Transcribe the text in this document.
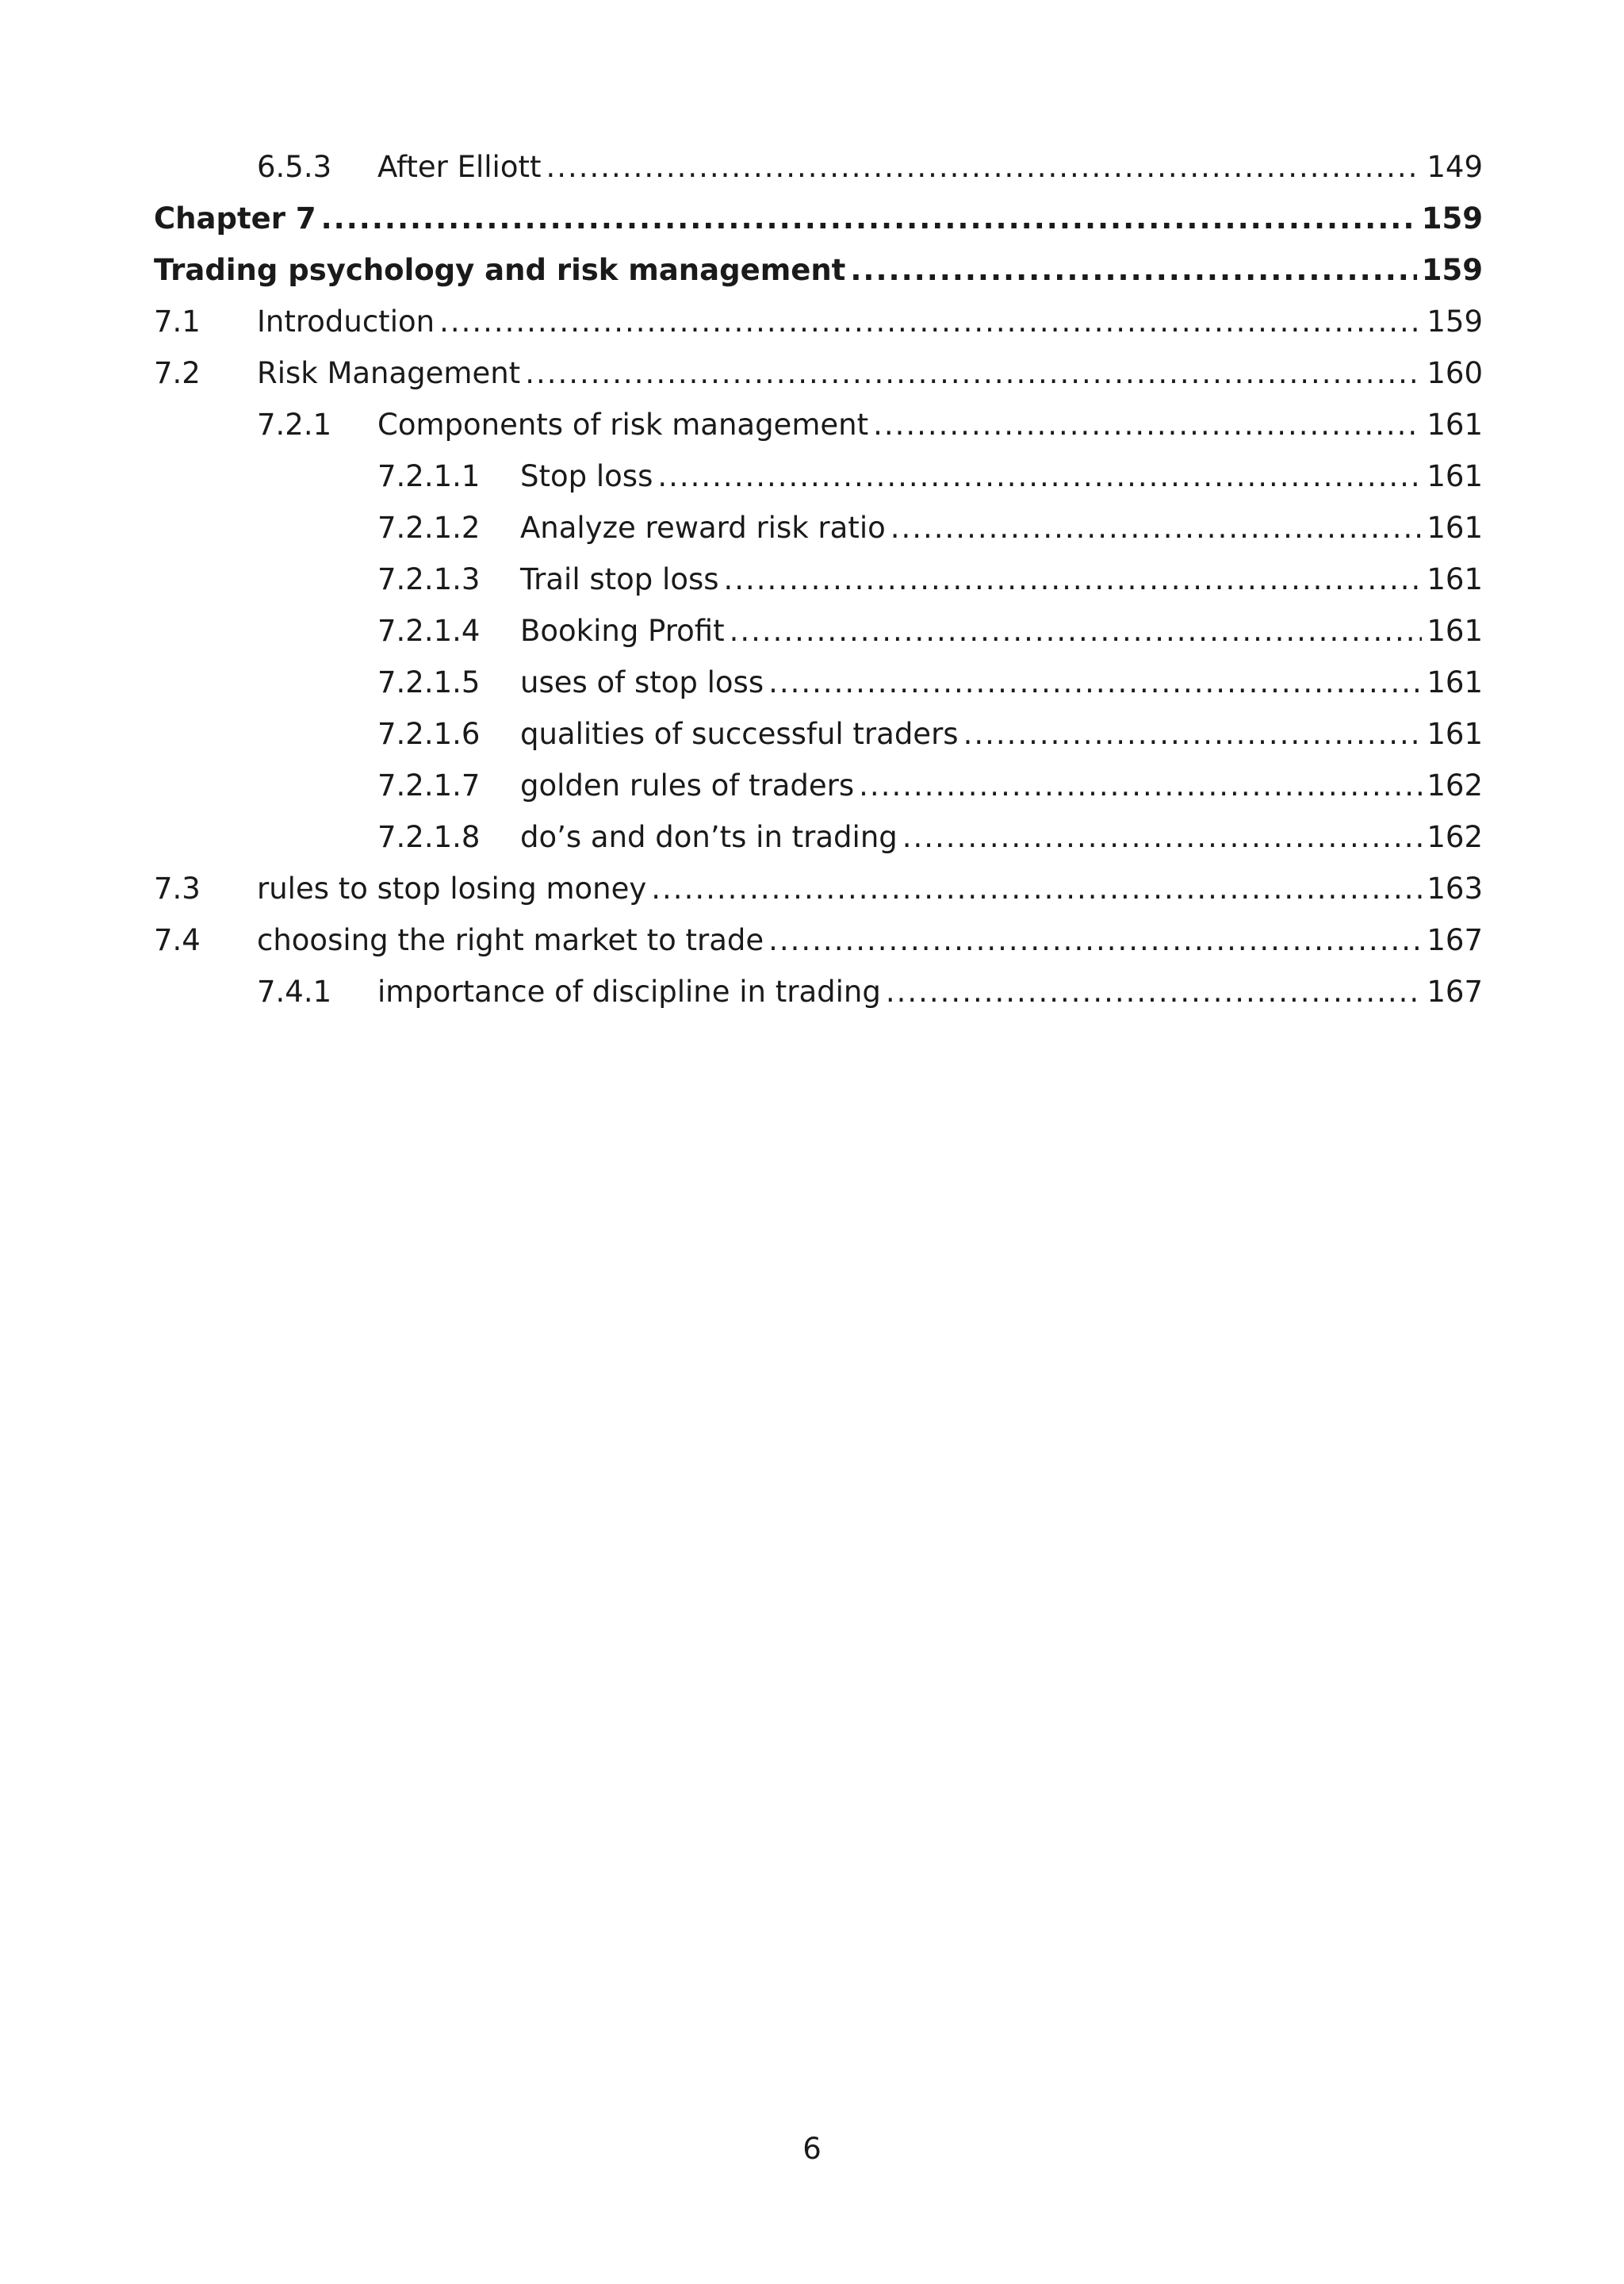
6.5.3	After Elliott .....	149
Chapter 7 .....	159
Trading psychology and risk management .....	159
7.1	Introduction .....	159
7.2	Risk Management .....	160
7.2.1	Components of risk management .....	161
7.2.1.1	Stop loss .....	161
7.2.1.2	Analyze reward risk ratio .....	161
7.2.1.3	Trail stop loss .....	161
7.2.1.4	Booking Profit .....	161
7.2.1.5	uses of stop loss .....	161
7.2.1.6	qualities of successful traders .....	161
7.2.1.7	golden rules of traders .....	162
7.2.1.8	do’s and don’ts in trading .....	162
7.3	rules to stop losing money .....	163
7.4	choosing the right market to trade .....	167
7.4.1	importance of discipline in trading .....	167
6
